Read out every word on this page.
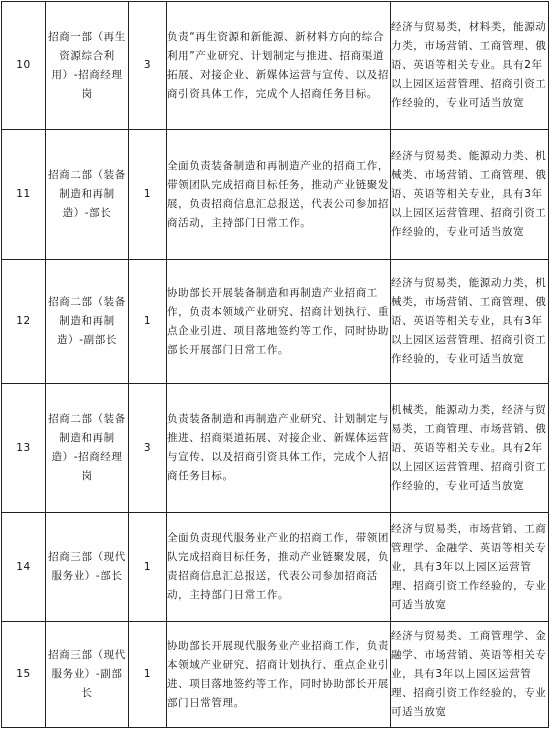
10	招商一部（再生资源综合利用）-招商经理岗	3	负责“再生资源和新能源、新材料方向的综合利用”产业研究、计划制定与推进、招商渠道拓展、对接企业、新媒体运营与宣传、以及招商引资具体工作，完成个人招商任务目标。	经济与贸易类，材料类，能源动力类，市场营销、工商管理、俄语、英语等相关专业。具有2年以上园区运营管理、招商引资工作经验的，专业可适当放宽

11	招商二部（装备制造和再制造）-部长	1	全面负责装备制造和再制造产业的招商工作，带领团队完成招商目标任务，推动产业链聚发展，负责招商信息汇总报送，代表公司参加招商活动，主持部门日常工作。	经济与贸易类、能源动力类、机械类、市场营销、工商管理、俄语、英语等相关专业，具有3年以上园区运营管理、招商引资工作经验的，专业可适当放宽

12	招商二部（装备制造和再制造）-副部长	1	协助部长开展装备制造和再制造产业招商工作，负责本领域产业研究、招商计划执行、重点企业引进、项目落地签约等工作，同时协助部长开展部门日常工作。	经济与贸易类，能源动力类，机械类，市场营销、工商管理、俄语、英语等相关专业，具有3年以上园区运营管理、招商引资工作经验的，专业可适当放宽

13	招商二部（装备制造和再制造）-招商经理岗	3	负责装备制造和再制造产业研究、计划制定与推进、招商渠道拓展、对接企业、新媒体运营与宣传、以及招商引资具体工作，完成个人招商任务目标。	机械类，能源动力类，经济与贸易类，工商管理、市场营销、俄语、英语等相关专业。具有2年以上园区运营管理、招商引资工作经验的，专业可适当放宽

14	招商三部（现代服务业）-部长	1	全面负责现代服务业产业的招商工作，带领团队完成招商目标任务，推动产业链聚发展，负责招商信息汇总报送，代表公司参加招商活动，主持部门日常工作。	经济与贸易类，市场营销、工商管理学、金融学、英语等相关专业，具有3年以上园区运营管理、招商引资工作经验的，专业可适当放宽

15	招商三部（现代服务业）-副部长	1	协助部长开展现代服务业产业招商工作，负责本领域产业研究、招商计划执行、重点企业引进、项目落地签约等工作，同时协助部长开展部门日常管理。	经济与贸易类、工商管理学、金融学、市场营销、英语等相关专业，具有3年以上园区运营管理、招商引资工作经验的，专业可适当放宽
